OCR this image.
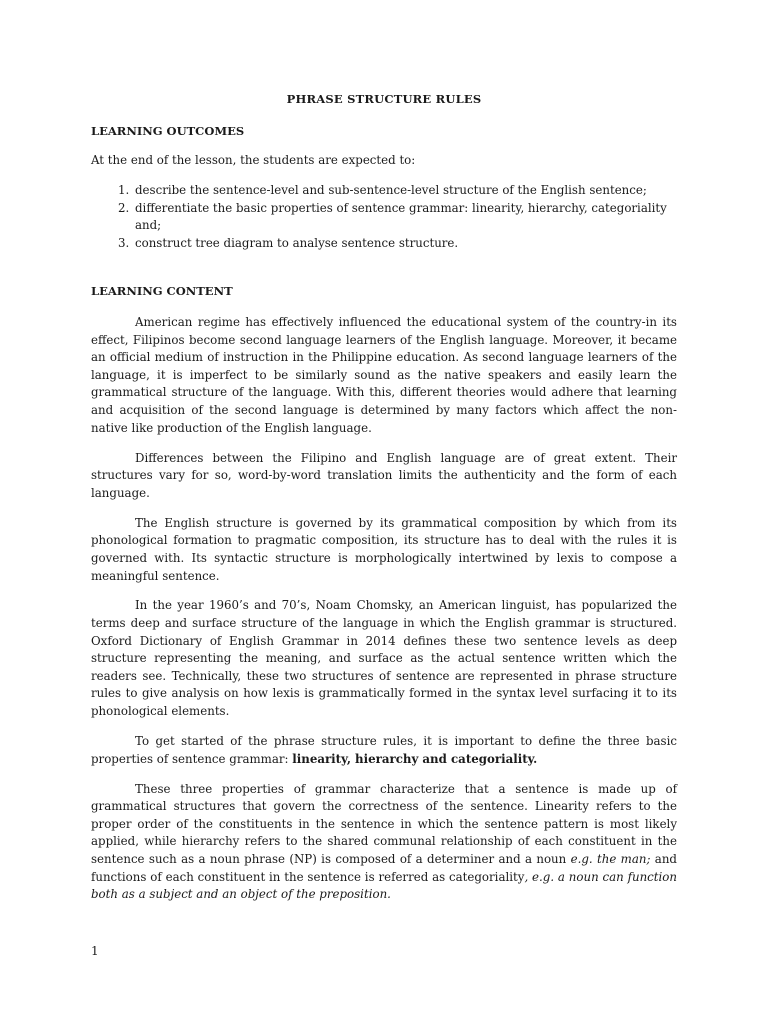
PHRASE STRUCTURE RULES
LEARNING OUTCOMES
At the end of the lesson, the students are expected to:
1. describe the sentence-level and sub-sentence-level structure of the English sentence;
2. differentiate the basic properties of sentence grammar: linearity, hierarchy, categoriality and;
3. construct tree diagram to analyse sentence structure.
LEARNING CONTENT

American regime has effectively influenced the educational system of the country-in its effect, Filipinos become second language learners of the English language. Moreover, it became an official medium of instruction in the Philippine education. As second language learners of the language, it is imperfect to be similarly sound as the native speakers and easily learn the grammatical structure of the language. With this, different theories would adhere that learning and acquisition of the second language is determined by many factors which affect the non-native like production of the English language.

Differences between the Filipino and English language are of great extent. Their structures vary for so, word-by-word translation limits the authenticity and the form of each language.

The English structure is governed by its grammatical composition by which from its phonological formation to pragmatic composition, its structure has to deal with the rules it is governed with. Its syntactic structure is morphologically intertwined by lexis to compose a meaningful sentence.

In the year 1960’s and 70’s, Noam Chomsky, an American linguist, has popularized the terms deep and surface structure of the language in which the English grammar is structured. Oxford Dictionary of English Grammar in 2014 defines these two sentence levels as deep structure representing the meaning, and surface as the actual sentence written which the readers see. Technically, these two structures of sentence are represented in phrase structure rules to give analysis on how lexis is grammatically formed in the syntax level surfacing it to its phonological elements.

To get started of the phrase structure rules, it is important to define the three basic properties of sentence grammar: linearity, hierarchy and categoriality.

These three properties of grammar characterize that a sentence is made up of grammatical structures that govern the correctness of the sentence. Linearity refers to the proper order of the constituents in the sentence in which the sentence pattern is most likely applied, while hierarchy refers to the shared communal relationship of each constituent in the sentence such as a noun phrase (NP) is composed of a determiner and a noun e.g. the man; and functions of each constituent in the sentence is referred as categoriality, e.g. a noun can function both as a subject and an object of the preposition.

1
